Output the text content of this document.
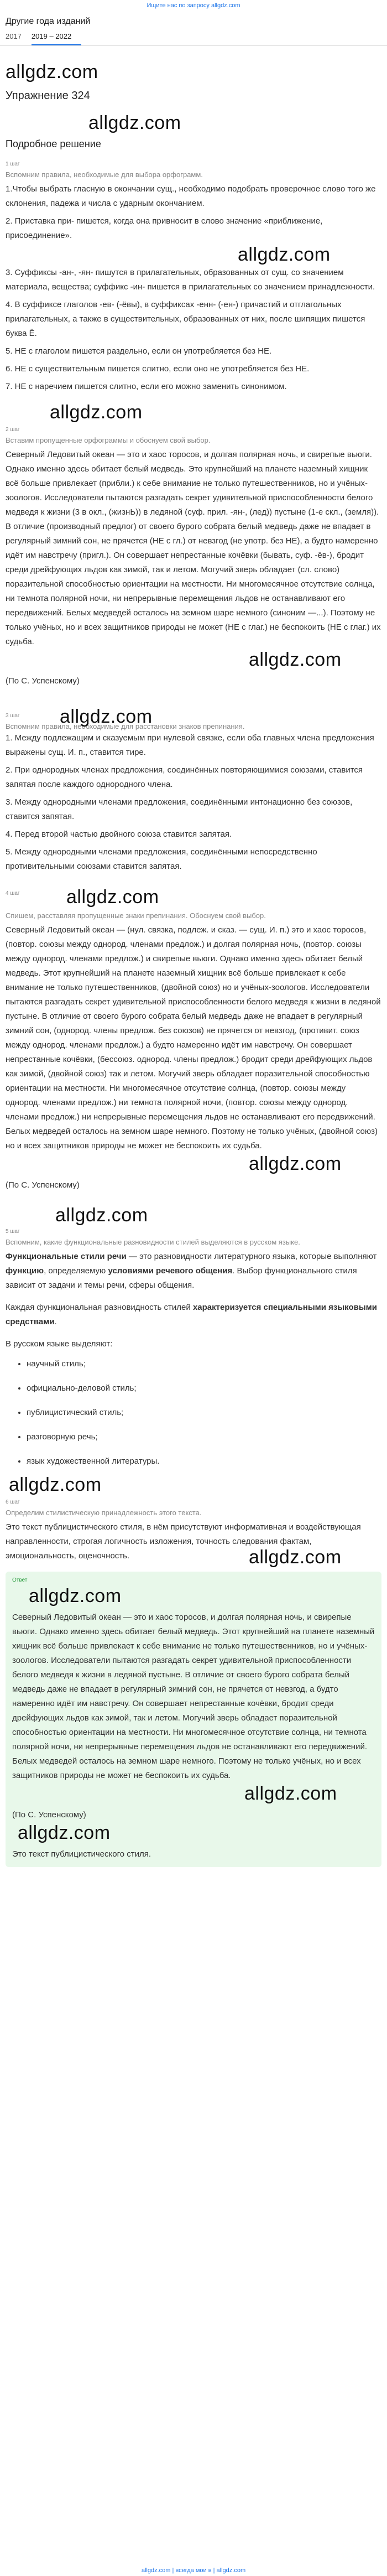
Ищите нас по запросу allgdz.com
Другие года изданий
2017	2019 – 2022
allgdz.com
Упражнение 324
allgdz.com
Подробное решение
1 шаг
Вспомним правила, необходимые для выбора орфограмм.

1.Чтобы выбрать гласную в окончании сущ., необходимо подобрать проверочное слово того же склонения, падежа и числа с ударным окончанием.

2. Приставка при- пишется, когда она привносит в слово значение «приближение, присоединение».

allgdz.com

3. Суффиксы -ан-, -ян- пишутся в прилагательных, образованных от сущ. со значением материала, вещества; суффикс -ин- пишется в прилагательных со значением принадлежности.

4. В суффиксе глаголов -ев- (-ёвы), в суффиксах -енн- (-ен-) причастий и отглагольных прилагательных, а также в существительных, образованных от них, после шипящих пишется буква Ё.

5. НЕ с глаголом пишется раздельно, если он употребляется без НЕ.

6. НЕ с существительным пишется слитно, если оно не употребляется без НЕ.

7. НЕ с наречием пишется слитно, если его можно заменить синонимом.

allgdz.com
2 шаг
Вставим пропущенные орфограммы и обоснуем свой выбор.
Северный Ледовитый океан — это и хаос торосов, и долгая полярная ночь, и свирепые вьюги. Однако именно здесь обитает белый медведь. Это крупнейший на планете наземный хищник всё больше привлекает (прибли.) к себе внимание не только путешественников, но и учёных-зоологов. Исследователи пытаются разгадать секрет удивительной приспособленности белого медведя к жизни (3 в окл., (жизнЬ)) в ледяной (суф. прил. -ян-, (лед)) пустыне (1-е скл., (земля)). В отличие (производный предлог) от своего бурого собрата белый медведь даже не впадает в регулярный зимний сон, не прячется (НЕ с гл.) от невзгод (не употр. без НЕ), а будто намеренно идёт им навстречу (пригл.). Он совершает непрестанные кочёвки (бывать, суф. -ёв-), бродит среди дрейфующих льдов как зимой, так и летом. Могучий зверь обладает (сл. слово) поразительной способностью ориентации на местности. Ни многомесячное отсутствие солнца, ни темнота полярной ночи, ни непрерывные перемещения льдов не останавливают его передвижений. Белых медведей осталось на земном шаре немного (синоним —...). Поэтому не только учёных, но и всех защитников природы не может (НЕ с глаг.) не беспокоить (НЕ с глаг.) их судьба.
allgdz.com
(По С. Успенскому)
3 шаг
Вспомним правила, необходимые для расстановки знаков препинания.
allgdz.com

1. Между подлежащим и сказуемым при нулевой связке, если оба главных члена предложения выражены сущ. И. п., ставится тире.

2. При однородных членах предложения, соединённых повторяющимися союзами, ставится запятая после каждого однородного члена.

3. Между однородными членами предложения, соединёнными интонационно без союзов, ставится запятая.

4. Перед второй частью двойного союза ставится запятая.

5. Между однородными членами предложения, соединёнными непосредственно противительными союзами ставится запятая.

4 шаг	allgdz.com
Спишем, расставляя пропущенные знаки препинания. Обоснуем свой выбор.
Северный Ледовитый океан — (нул. связка, подлеж. и сказ. — сущ. И. п.) это и хаос торосов, (повтор. союзы между однород. членами предлож.) и долгая полярная ночь, (повтор. союзы между однород. членами предлож.) и свирепые вьюги. Однако именно здесь обитает белый медведь. Этот крупнейший на планете наземный хищник всё больше привлекает к себе внимание не только путешественников, (двойной союз) но и учёных-зоологов. Исследователи пытаются разгадать секрет удивительной приспособленности белого медведя к жизни в ледяной пустыне. В отличие от своего бурого собрата белый медведь даже не впадает в регулярный зимний сон, (однород. члены предлож. без союзов) не прячется от невзгод, (противит. союз между однород. членами предлож.) а будто намеренно идёт им навстречу. Он совершает непрестанные кочёвки, (бессоюз. однород. члены предлож.) бродит среди дрейфующих льдов как зимой, (двойной союз) так и летом. Могучий зверь обладает поразительной способностью ориентации на местности. Ни многомесячное отсутствие солнца, (повтор. союзы между однород. членами предлож.) ни темнота полярной ночи, (повтор. союзы между однород. членами предлож.) ни непрерывные перемещения льдов не останавливают его передвижений. Белых медведей осталось на земном шаре немного. Поэтому не только учёных, (двойной союз) но и всех защитников природы не может не беспокоить их судьба.
allgdz.com
(По С. Успенскому)
allgdz.com
5 шаг
Вспомним, какие функциональные разновидности стилей выделяются в русском языке.
Функциональные стили речи — это разновидности литературного языка, которые выполняют функцию, определяемую условиями речевого общения. Выбор функционального стиля зависит от задачи и темы речи, сферы общения.
Каждая функциональная разновидность стилей характеризуется специальными языковыми средствами.
В русском языке выделяют:
• научный стиль;
• официально-деловой стиль;
• публицистический стиль;
• разговорную речь;
• язык художественной литературы.
allgdz.com
6 шаг
Определим стилистическую принадлежность этого текста.
Это текст публицистического стиля, в нём присутствуют информативная и воздействующая направленности, строгая логичность изложения, точность следования фактам, эмоциональность, оценочность.	allgdz.com
Ответ
allgdz.com
Северный Ледовитый океан — это и хаос торосов, и долгая полярная ночь, и свирепые вьюги. Однако именно здесь обитает белый медведь. Этот крупнейший на планете наземный хищник всё больше привлекает к себе внимание не только путешественников, но и учёных-зоологов. Исследователи пытаются разгадать секрет удивительной приспособленности белого медведя к жизни в ледяной пустыне. В отличие от своего бурого собрата белый медведь даже не впадает в регулярный зимний сон, не прячется от невзгод, а будто намеренно идёт им навстречу. Он совершает непрестанные кочёвки, бродит среди дрейфующих льдов как зимой, так и летом. Могучий зверь обладает поразительной способностью ориентации на местности. Ни многомесячное отсутствие солнца, ни темнота полярной ночи, ни непрерывные перемещения льдов не останавливают его передвижений. Белых медведей осталось на земном шаре немного. Поэтому не только учёных, но и всех защитников природы не может не беспокоить их судьба.
allgdz.com
(По С. Успенскому)
allgdz.com
Это текст публицистического стиля.
allgdz.com | всегда мои в | allgdz.com
